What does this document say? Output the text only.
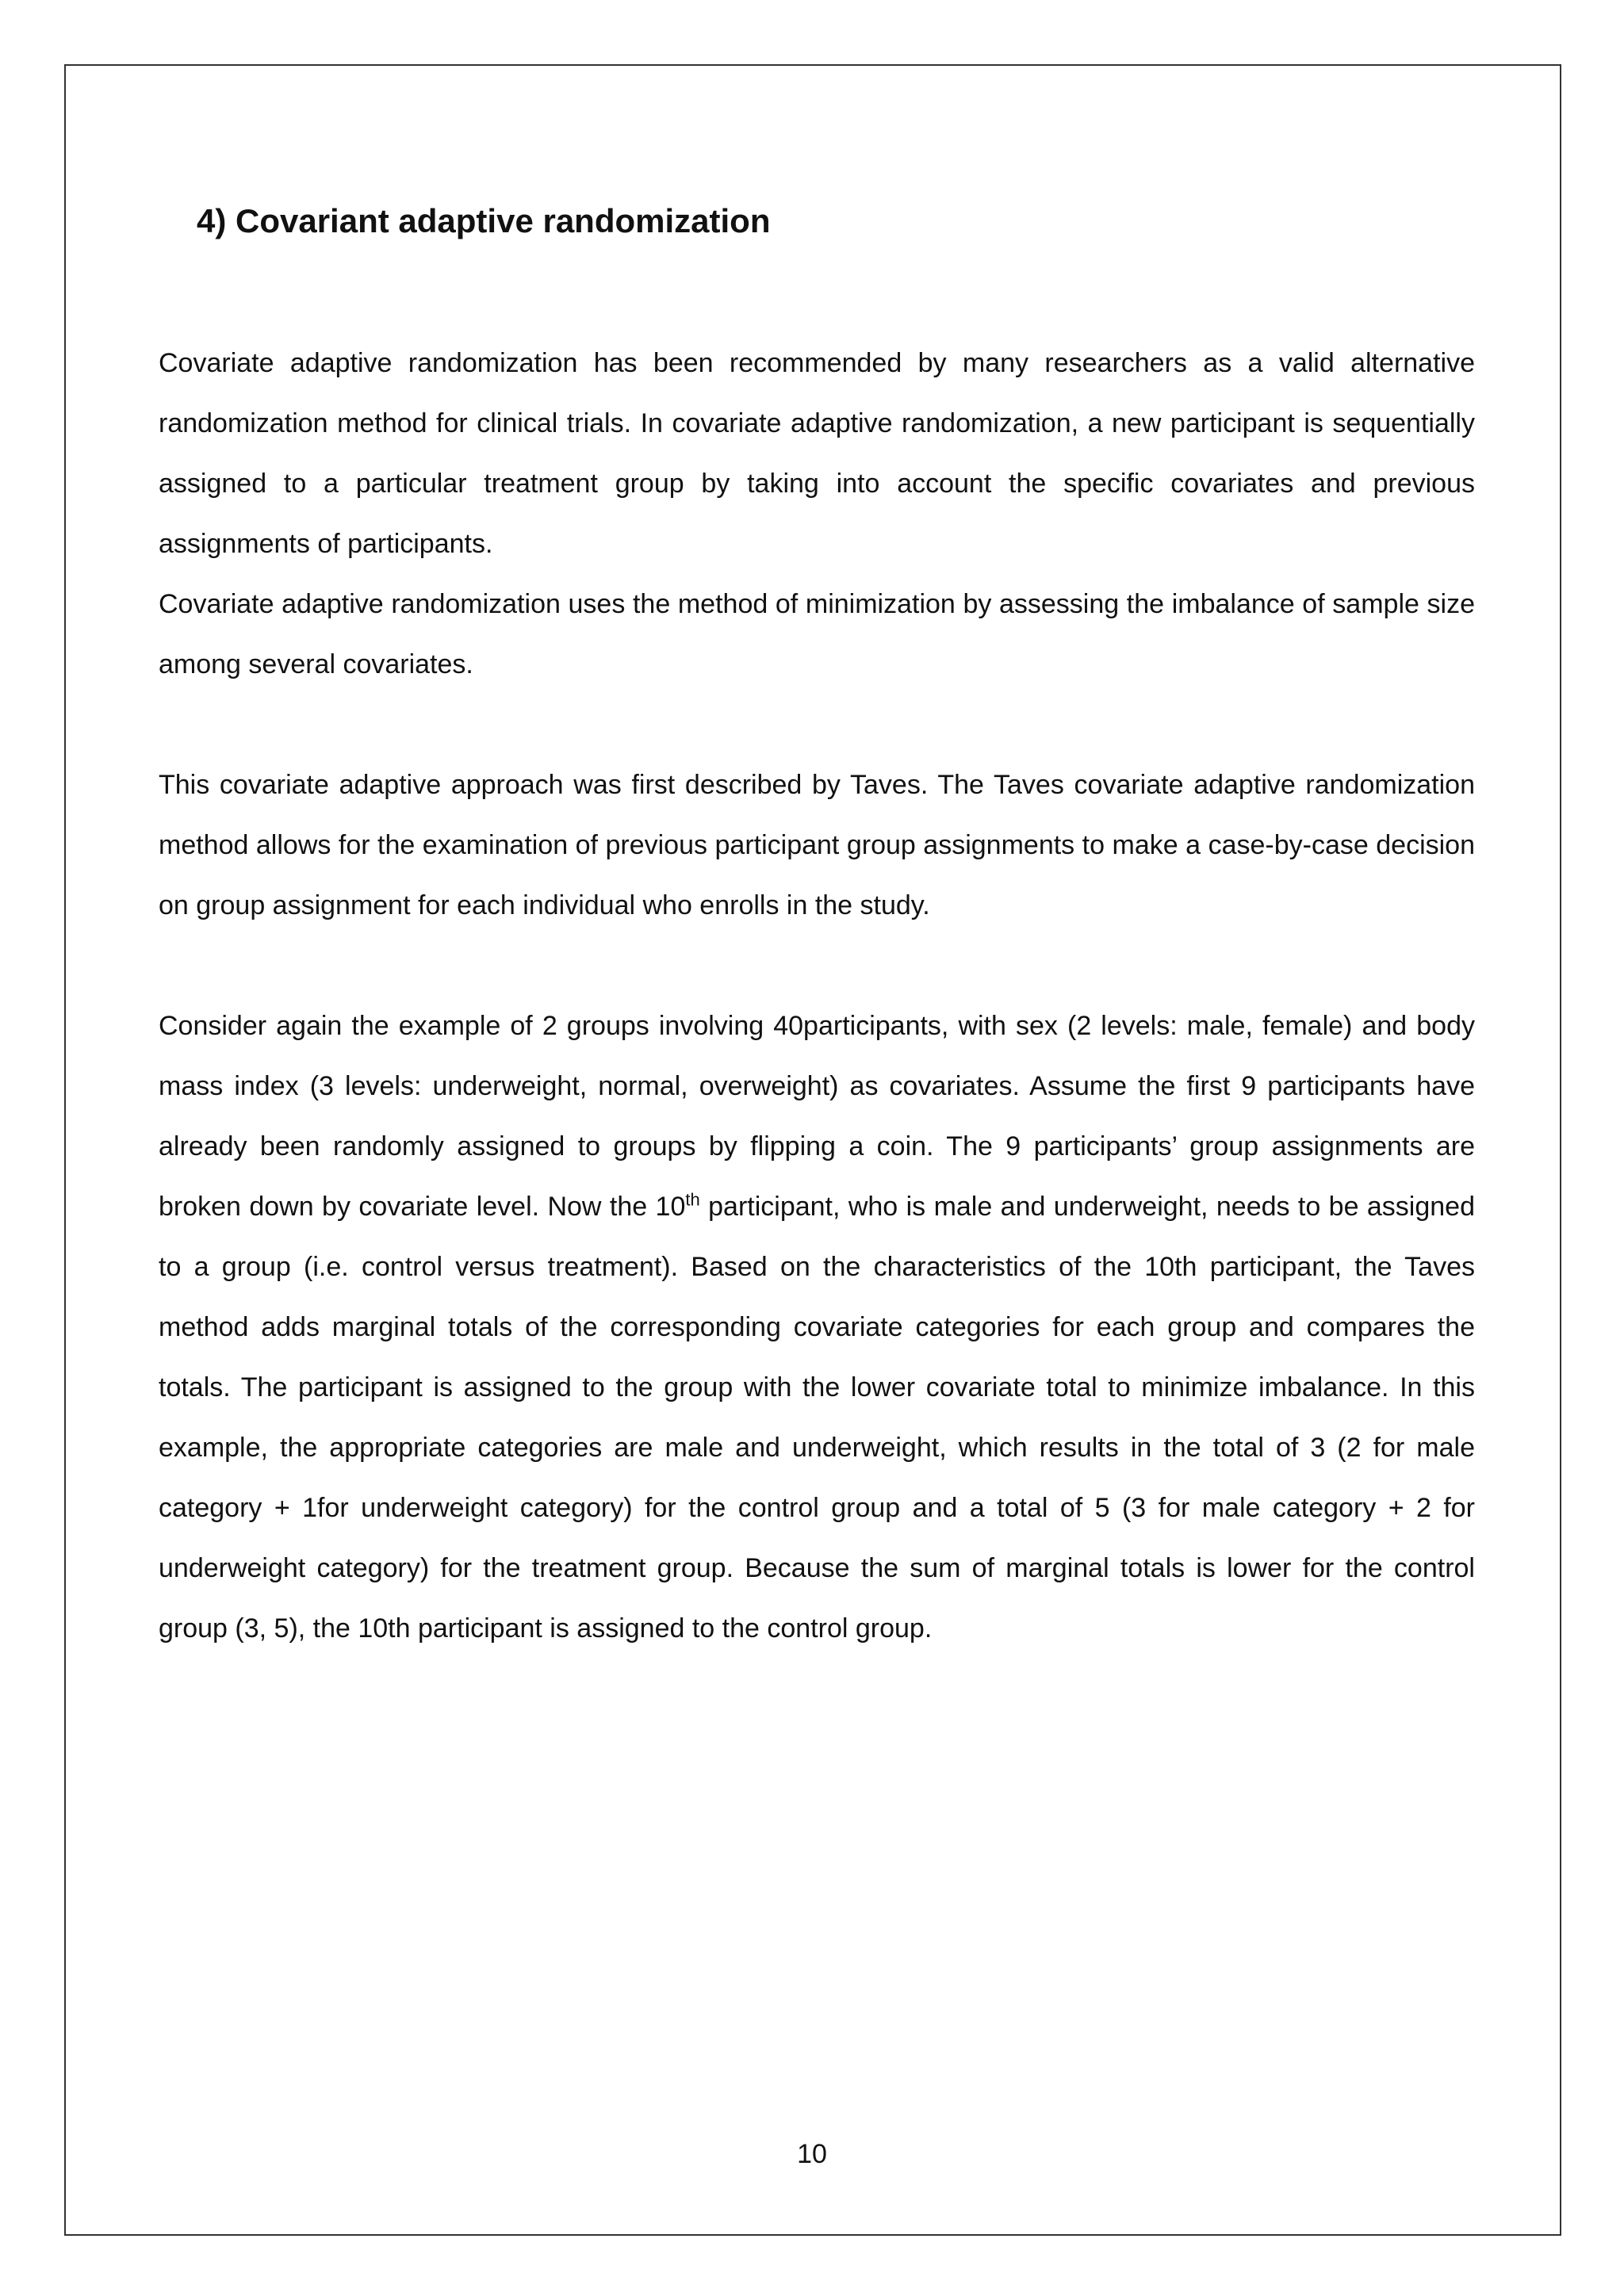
4) Covariant adaptive randomization

Covariate adaptive randomization has been recommended by many researchers as a valid alternative randomization method for clinical trials. In covariate adaptive randomization, a new participant is sequentially assigned to a particular treatment group by taking into account the specific covariates and previous assignments of participants.

Covariate adaptive randomization uses the method of minimization by assessing the imbalance of sample size among several covariates.

This covariate adaptive approach was first described by Taves. The Taves covariate adaptive randomization method allows for the examination of previous participant group assignments to make a case-by-case decision on group assignment for each individual who enrolls in the study.

Consider again the example of 2 groups involving 40participants, with sex (2 levels: male, female) and body mass index (3 levels: underweight, normal, overweight) as covariates. Assume the first 9 participants have already been randomly assigned to groups by flipping a coin. The 9 participants’ group assignments are broken down by covariate level. Now the 10th participant, who is male and underweight, needs to be assigned to a group (i.e. control versus treatment). Based on the characteristics of the 10th participant, the Taves method adds marginal totals of the corresponding covariate categories for each group and compares the totals. The participant is assigned to the group with the lower covariate total to minimize imbalance. In this example, the appropriate categories are male and underweight, which results in the total of 3 (2 for male category + 1for underweight category) for the control group and a total of 5 (3 for male category + 2 for underweight category) for the treatment group. Because the sum of marginal totals is lower for the control group (3, 5), the 10th participant is assigned to the control group.

10
